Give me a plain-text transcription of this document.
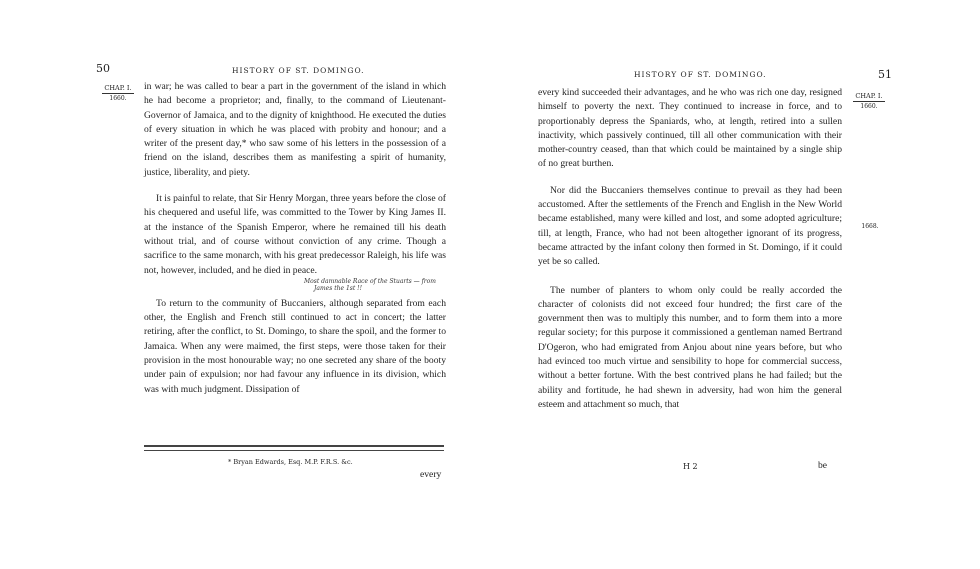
50	HISTORY OF ST. DOMINGO.
CHAP. I.
1660.

in war; he was called to bear a part in the government of the island in which he had become a proprietor; and, finally, to the command of Lieutenant-Governor of Jamaica, and to the dignity of knighthood. He executed the duties of every situation in which he was placed with probity and honour; and a writer of the present day,* who saw some of his letters in the possession of a friend on the island, describes them as manifesting a spirit of humanity, justice, liberality, and piety.

It is painful to relate, that Sir Henry Morgan, three years before the close of his chequered and useful life, was committed to the Tower by King James II. at the instance of the Spanish Emperor, where he remained till his death without trial, and of course without conviction of any crime. Though a sacrifice to the same monarch, with his great predecessor Raleigh, his life was not, however, included, and he died in peace.

Most damnable Race of the Stuarts — from
James the 1st !!

To return to the community of Buccaniers, although separated from each other, the English and French still continued to act in concert; the latter retiring, after the conflict, to St. Domingo, to share the spoil, and the former to Jamaica. When any were maimed, the first steps, were those taken for their provision in the most honourable way; no one secreted any share of the booty under pain of expulsion; nor had favour any influence in its division, which was with much judgment. Dissipation of

* Bryan Edwards, Esq. M.P. F.R.S. &c.
every
HISTORY OF ST. DOMINGO.	51
CHAP. I.
1660.
1668.

every kind succeeded their advantages, and he who was rich one day, resigned himself to poverty the next. They continued to increase in force, and to proportionably depress the Spaniards, who, at length, retired into a sullen inactivity, which passively continued, till all other communication with their mother-country ceased, than that which could be maintained by a single ship of no great burthen.

Nor did the Buccaniers themselves continue to prevail as they had been accustomed. After the settlements of the French and English in the New World became established, many were killed and lost, and some adopted agriculture; till, at length, France, who had not been altogether ignorant of its progress, became attracted by the infant colony then formed in St. Domingo, if it could yet be so called.

The number of planters to whom only could be really accorded the character of colonists did not exceed four hundred; the first care of the government then was to multiply this number, and to form them into a more regular society; for this purpose it commissioned a gentleman named Bertrand D'Ogeron, who had emigrated from Anjou about nine years before, but who had evinced too much virtue and sensibility to hope for commercial success, without a better fortune. With the best contrived plans he had failed; but the ability and fortitude, he had shewn in adversity, had won him the general esteem and attachment so much, that

H 2	be
